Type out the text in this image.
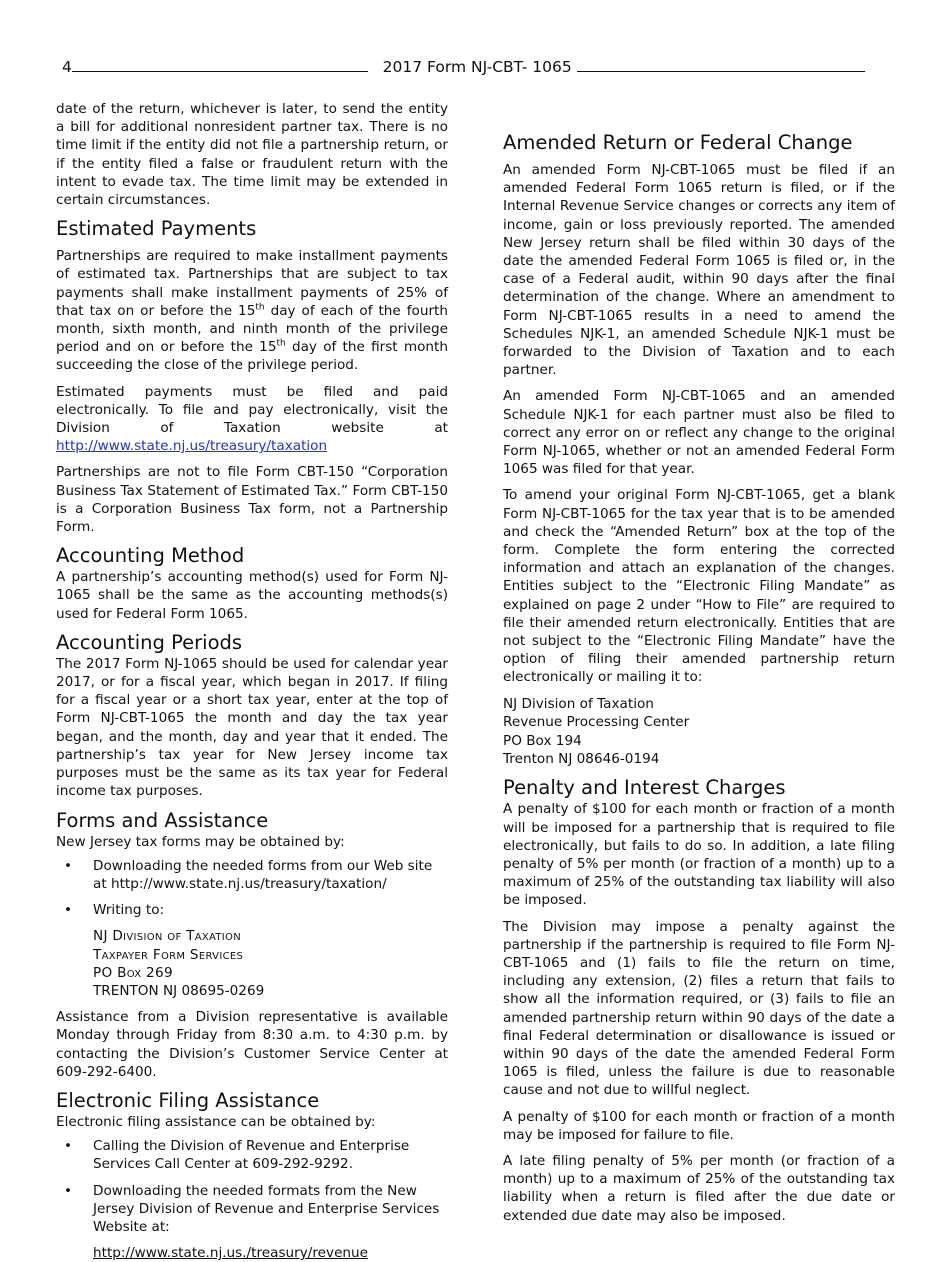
4	2017 Form NJ-CBT- 1065

date of the return, whichever is later, to send the entity a bill for additional nonresident partner tax. There is no time limit if the entity did not file a partnership return, or if the entity filed a false or fraudulent return with the intent to evade tax. The time limit may be extended in certain circumstances.

Estimated Payments

Partnerships are required to make installment payments of estimated tax. Partnerships that are subject to tax payments shall make installment payments of 25% of that tax on or before the 15th day of each of the fourth month, sixth month, and ninth month of the privilege period and on or before the 15th day of the first month succeeding the close of the privilege period.

Estimated payments must be filed and paid electronically. To file and pay electronically, visit the Division of Taxation website at http://www.state.nj.us/treasury/taxation

Partnerships are not to file Form CBT-150 “Corporation Business Tax Statement of Estimated Tax.” Form CBT-150 is a Corporation Business Tax form, not a Partnership Form.

Accounting Method

A partnership’s accounting method(s) used for Form NJ-1065 shall be the same as the accounting methods(s) used for Federal Form 1065.

Accounting Periods

The 2017 Form NJ-1065 should be used for calendar year 2017, or for a fiscal year, which began in 2017. If filing for a fiscal year or a short tax year, enter at the top of Form NJ-CBT-1065 the month and day the tax year began, and the month, day and year that it ended. The partnership’s tax year for New Jersey income tax purposes must be the same as its tax year for Federal income tax purposes.

Forms and Assistance

New Jersey tax forms may be obtained by:

• Downloading the needed forms from our Web site at http://www.state.nj.us/treasury/taxation/
• Writing to:
NJ Division of Taxation
Taxpayer Form Services
PO Box 269
TRENTON NJ 08695-0269

Assistance from a Division representative is available Monday through Friday from 8:30 a.m. to 4:30 p.m. by contacting the Division’s Customer Service Center at 609-292-6400.

Electronic Filing Assistance

Electronic filing assistance can be obtained by:

• Calling the Division of Revenue and Enterprise Services Call Center at 609-292-9292.
• Downloading the needed formats from the New Jersey Division of Revenue and Enterprise Services Website at:
http://www.state.nj.us./treasury/revenue
Amended Return or Federal Change

An amended Form NJ-CBT-1065 must be filed if an amended Federal Form 1065 return is filed, or if the Internal Revenue Service changes or corrects any item of income, gain or loss previously reported. The amended New Jersey return shall be filed within 30 days of the date the amended Federal Form 1065 is filed or, in the case of a Federal audit, within 90 days after the final determination of the change. Where an amendment to Form NJ-CBT-1065 results in a need to amend the Schedules NJK-1, an amended Schedule NJK-1 must be forwarded to the Division of Taxation and to each partner.

An amended Form NJ-CBT-1065 and an amended Schedule NJK-1 for each partner must also be filed to correct any error on or reflect any change to the original Form NJ-1065, whether or not an amended Federal Form 1065 was filed for that year.

To amend your original Form NJ-CBT-1065, get a blank Form NJ-CBT-1065 for the tax year that is to be amended and check the “Amended Return” box at the top of the form. Complete the form entering the corrected information and attach an explanation of the changes. Entities subject to the “Electronic Filing Mandate” as explained on page 2 under “How to File” are required to file their amended return electronically. Entities that are not subject to the “Electronic Filing Mandate” have the option of filing their amended partnership return electronically or mailing it to:

NJ Division of Taxation
Revenue Processing Center
PO Box 194
Trenton NJ 08646-0194
Penalty and Interest Charges

A penalty of $100 for each month or fraction of a month will be imposed for a partnership that is required to file electronically, but fails to do so. In addition, a late filing penalty of 5% per month (or fraction of a month) up to a maximum of 25% of the outstanding tax liability will also be imposed.

The Division may impose a penalty against the partnership if the partnership is required to file Form NJ-CBT-1065 and (1) fails to file the return on time, including any extension, (2) files a return that fails to show all the information required, or (3) fails to file an amended partnership return within 90 days of the date a final Federal determination or disallowance is issued or within 90 days of the date the amended Federal Form 1065 is filed, unless the failure is due to reasonable cause and not due to willful neglect.

A penalty of $100 for each month or fraction of a month may be imposed for failure to file.

A late filing penalty of 5% per month (or fraction of a month) up to a maximum of 25% of the outstanding tax liability when a return is filed after the due date or extended due date may also be imposed.
